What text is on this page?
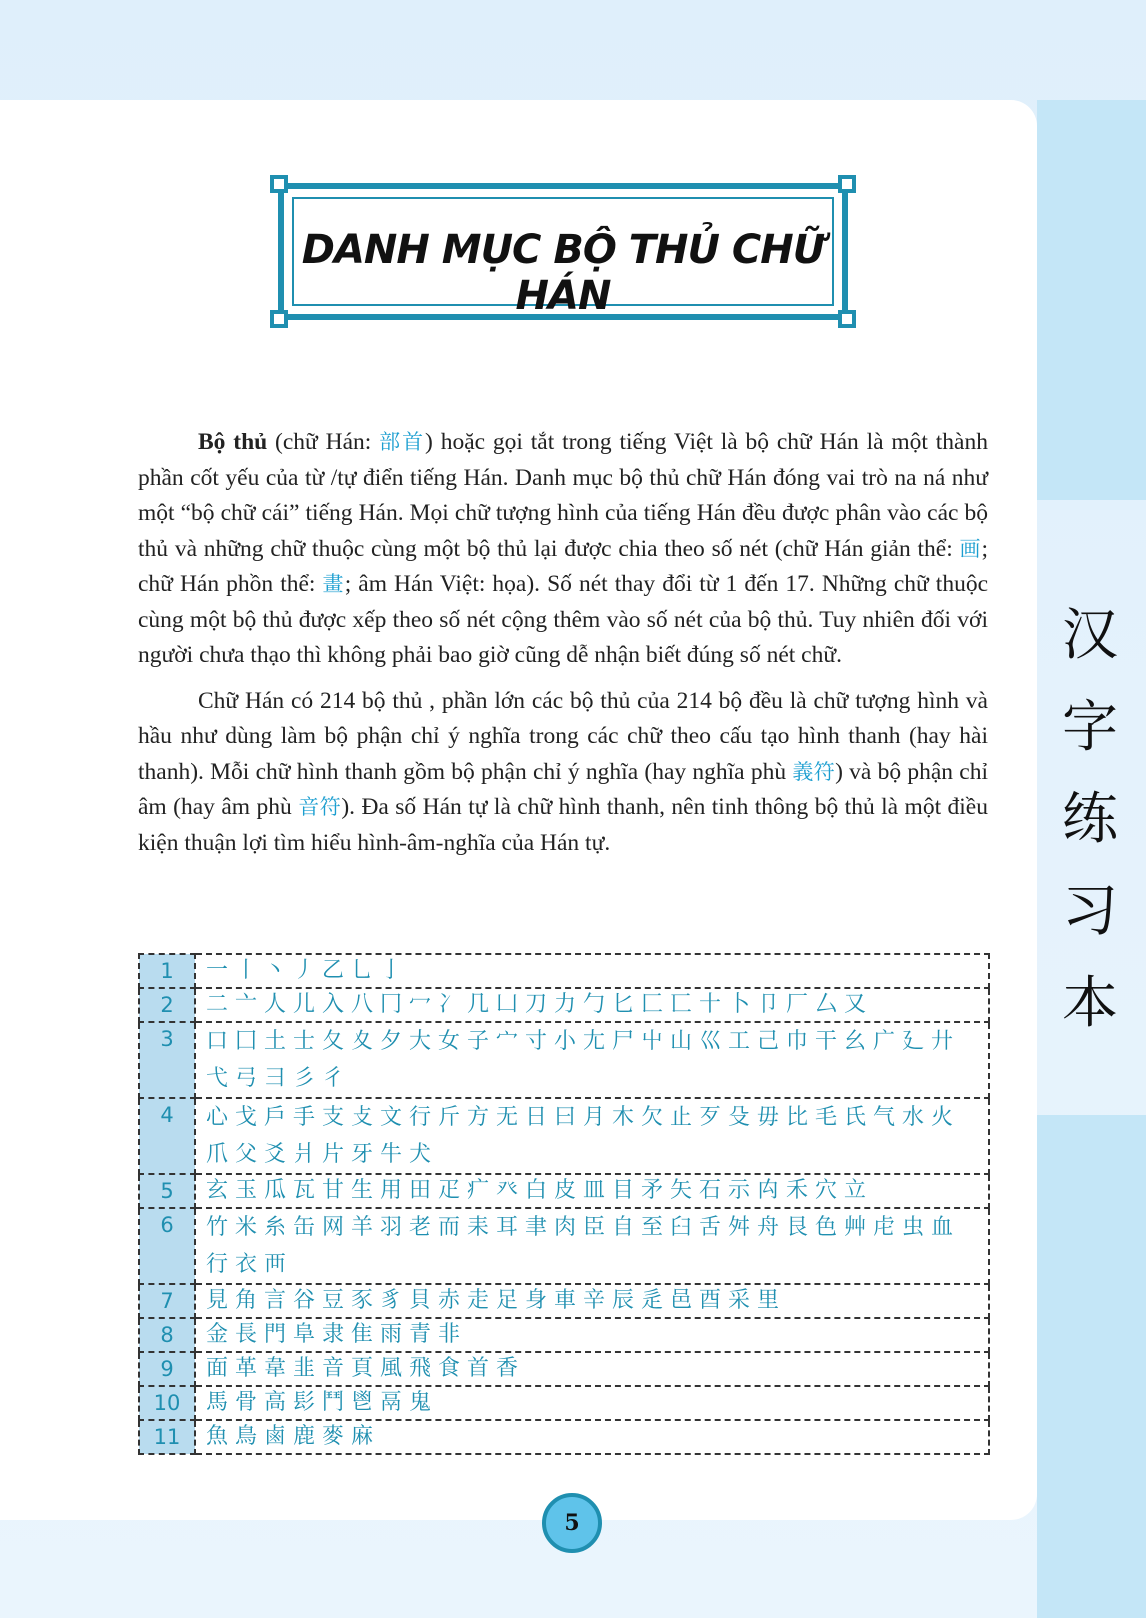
汉
字
练
习
本
DANH MỤC BỘ THỦ CHỮ HÁN

Bộ thủ (chữ Hán: 部首) hoặc gọi tắt trong tiếng Việt là bộ chữ Hán là một thành phần cốt yếu của từ /tự điển tiếng Hán. Danh mục bộ thủ chữ Hán đóng vai trò na ná như một “bộ chữ cái” tiếng Hán. Mọi chữ tượng hình của tiếng Hán đều được phân vào các bộ thủ và những chữ thuộc cùng một bộ thủ lại được chia theo số nét (chữ Hán giản thể: 画; chữ Hán phồn thể: 畫; âm Hán Việt: họa). Số nét thay đổi từ 1 đến 17. Những chữ thuộc cùng một bộ thủ được xếp theo số nét cộng thêm vào số nét của bộ thủ. Tuy nhiên đối với người chưa thạo thì không phải bao giờ cũng dễ nhận biết đúng số nét chữ.

Chữ Hán có 214 bộ thủ , phần lớn các bộ thủ của 214 bộ đều là chữ tượng hình và hầu như dùng làm bộ phận chỉ ý nghĩa trong các chữ theo cấu tạo hình thanh (hay hài thanh). Mỗi chữ hình thanh gồm bộ phận chỉ ý nghĩa (hay nghĩa phù 義符) và bộ phận chỉ âm (hay âm phù 音符). Đa số Hán tự là chữ hình thanh, nên tinh thông bộ thủ là một điều kiện thuận lợi tìm hiểu hình-âm-nghĩa của Hán tự.

1	一丨丶丿乙乚亅
2	二亠人儿入八冂冖冫几凵刀力勹匕匚匸十卜卩厂厶又
3	口囗土士夂夊夕大女子宀寸小尢尸屮山巛工己巾干幺广廴廾弋弓彐彡彳
4	心戈戶手支攴文行斤方无日曰月木欠止歹殳毋比毛氏气水火爪父爻爿片牙牛犬
5	玄玉瓜瓦甘生用田疋疒癶白皮皿目矛矢石示禸禾穴立
6	竹米糸缶网羊羽老而耒耳聿肉臣自至臼舌舛舟艮色艸虍虫血行衣襾
7	見角言谷豆豕豸貝赤走足身車辛辰辵邑酉采里
8	金長門阜隶隹雨青非
9	面革韋韭音頁風飛食首香
10	馬骨高髟鬥鬯鬲鬼
11	魚鳥鹵鹿麥麻
5
